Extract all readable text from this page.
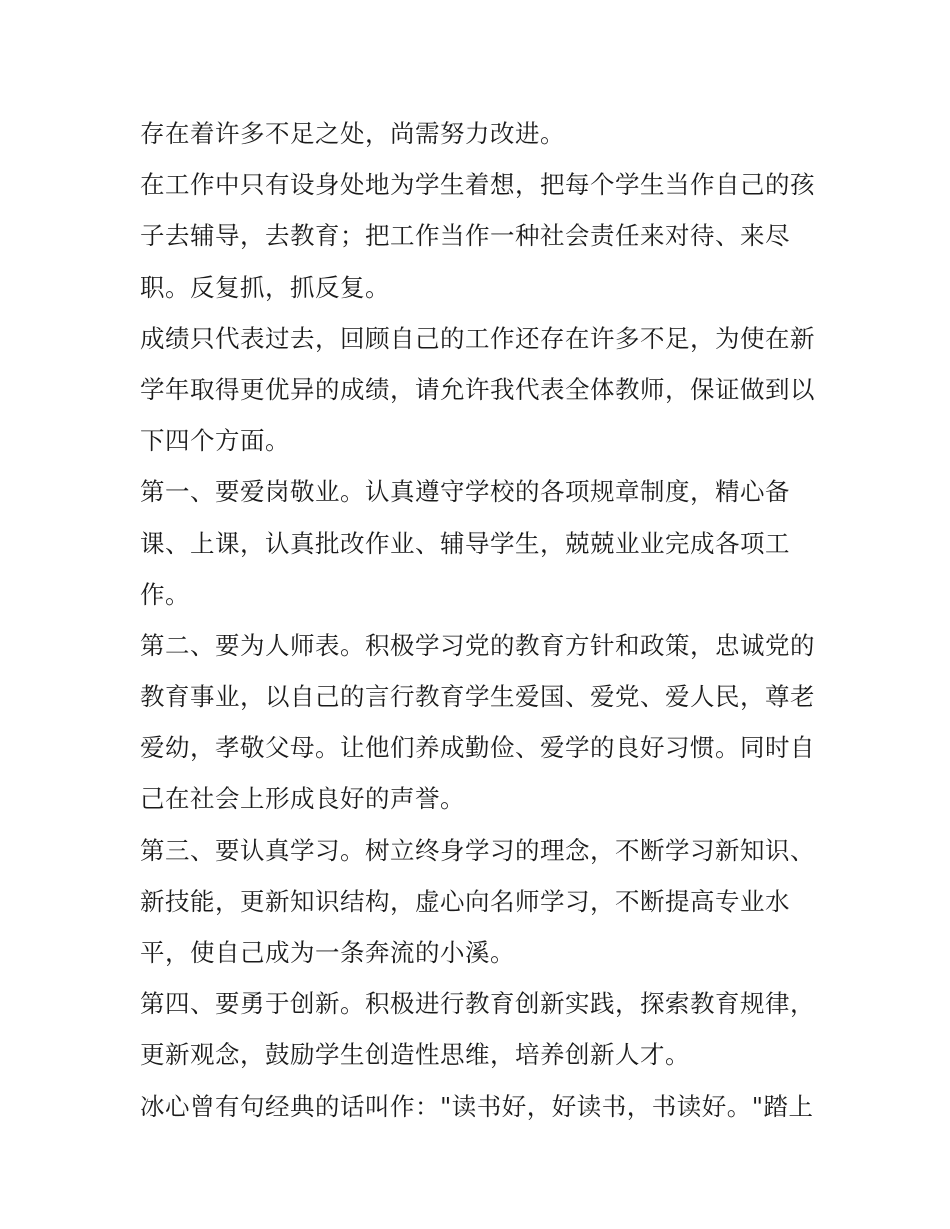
存在着许多不足之处，尚需努力改进。
在工作中只有设身处地为学生着想，把每个学生当作自己的孩
子去辅导，去教育；把工作当作一种社会责任来对待、来尽
职。反复抓，抓反复。
成绩只代表过去，回顾自己的工作还存在许多不足，为使在新
学年取得更优异的成绩，请允许我代表全体教师，保证做到以
下四个方面。
第一、要爱岗敬业。认真遵守学校的各项规章制度，精心备
课、上课，认真批改作业、辅导学生，兢兢业业完成各项工
作。
第二、要为人师表。积极学习党的教育方针和政策，忠诚党的
教育事业，以自己的言行教育学生爱国、爱党、爱人民，尊老
爱幼，孝敬父母。让他们养成勤俭、爱学的良好习惯。同时自
己在社会上形成良好的声誉。
第三、要认真学习。树立终身学习的理念，不断学习新知识、
新技能，更新知识结构，虚心向名师学习，不断提高专业水
平，使自己成为一条奔流的小溪。
第四、要勇于创新。积极进行教育创新实践，探索教育规律，
更新观念，鼓励学生创造性思维，培养创新人才。
冰心曾有句经典的话叫作："读书好，好读书，书读好。"踏上
